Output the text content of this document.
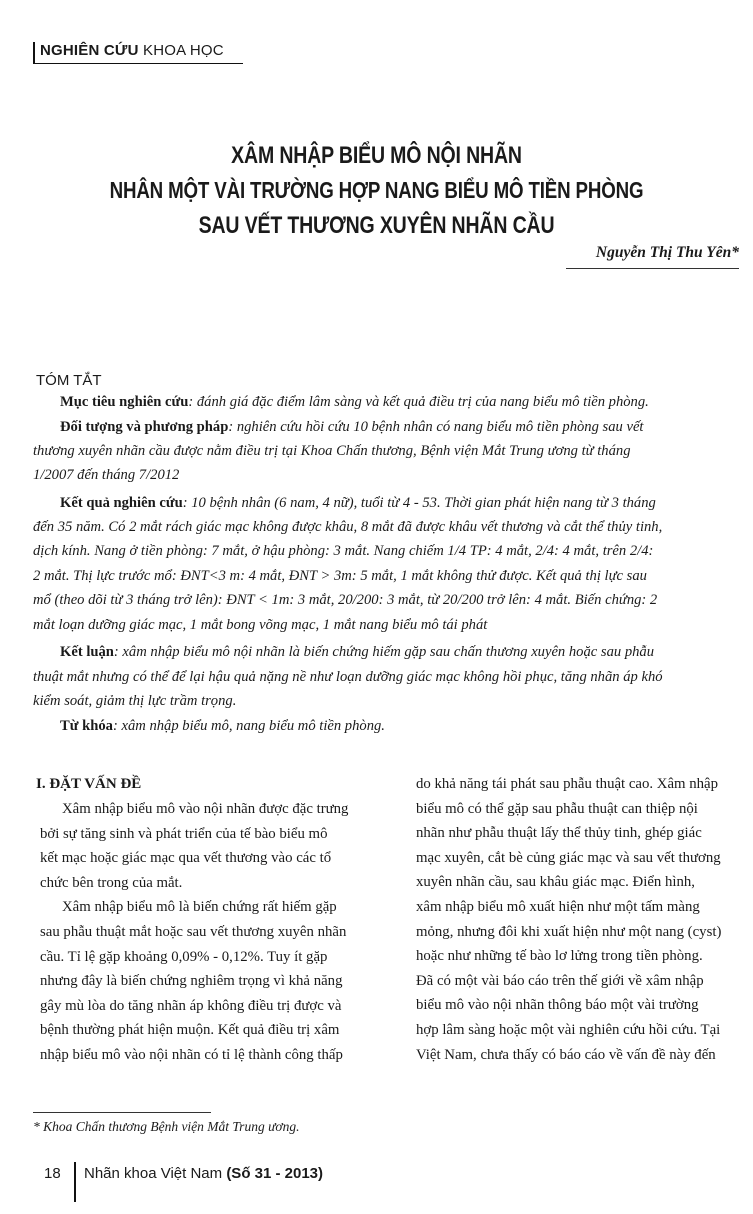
NGHIÊN CỨU KHOA HỌC
XÂM NHẬP BIỂU MÔ NỘI NHÃN
NHÂN MỘT VÀI TRƯỜNG HỢP NANG BIỂU MÔ TIỀN PHÒNG
SAU VẾT THƯƠNG XUYÊN NHÃN CẦU
Nguyễn Thị Thu Yên*
TÓM TẮT
Mục tiêu nghiên cứu: đánh giá đặc điểm lâm sàng và kết quả điều trị của nang biểu mô tiền phòng.
Đối tượng và phương pháp: nghiên cứu hồi cứu 10 bệnh nhân có nang biểu mô tiền phòng sau vết
thương xuyên nhãn cầu được nằm điều trị tại Khoa Chấn thương, Bệnh viện Mắt Trung ương từ tháng
1/2007 đến tháng 7/2012
Kết quả nghiên cứu: 10 bệnh nhân (6 nam, 4 nữ), tuổi từ 4 - 53. Thời gian phát hiện nang từ 3 tháng
đến 35 năm. Có 2 mắt rách giác mạc không được khâu, 8 mắt đã được khâu vết thương và cắt thể thủy tinh,
dịch kính. Nang ở tiền phòng: 7 mắt, ở hậu phòng: 3 mắt. Nang chiếm 1/4 TP: 4 mắt, 2/4: 4 mắt, trên 2/4:
2 mắt. Thị lực trước mổ: ĐNT<3 m: 4 mắt, ĐNT > 3m: 5 mắt, 1 mắt không thử được. Kết quả thị lực sau
mổ (theo dõi từ 3 tháng trở lên): ĐNT < 1m: 3 mắt, 20/200: 3 mắt, từ 20/200 trở lên: 4 mắt. Biến chứng: 2
mắt loạn dưỡng giác mạc, 1 mắt bong võng mạc, 1 mắt nang biểu mô tái phát
Kết luận: xâm nhập biểu mô nội nhãn là biến chứng hiếm gặp sau chấn thương xuyên hoặc sau phẫu
thuật mắt nhưng có thể để lại hậu quả nặng nề như loạn dưỡng giác mạc không hồi phục, tăng nhãn áp khó
kiểm soát, giảm thị lực trầm trọng.
Từ khóa: xâm nhập biểu mô, nang biểu mô tiền phòng.
I. ĐẶT VẤN ĐỀ
Xâm nhập biểu mô vào nội nhãn được đặc trưng
bởi sự tăng sinh và phát triển của tế bào biểu mô
kết mạc hoặc giác mạc qua vết thương vào các tổ
chức bên trong của mắt.
Xâm nhập biểu mô là biến chứng rất hiếm gặp
sau phẫu thuật mắt hoặc sau vết thương xuyên nhãn
cầu. Tỉ lệ gặp khoảng 0,09% - 0,12%. Tuy ít gặp
nhưng đây là biến chứng nghiêm trọng vì khả năng
gây mù lòa do tăng nhãn áp không điều trị được và
bệnh thường phát hiện muộn. Kết quả điều trị xâm
nhập biểu mô vào nội nhãn có tỉ lệ thành công thấp
do khả năng tái phát sau phẫu thuật cao. Xâm nhập
biểu mô có thể gặp sau phẫu thuật can thiệp nội
nhãn như phẫu thuật lấy thể thủy tinh, ghép giác
mạc xuyên, cắt bè củng giác mạc và sau vết thương
xuyên nhãn cầu, sau khâu giác mạc. Điển hình,
xâm nhập biểu mô xuất hiện như một tấm màng
mỏng, nhưng đôi khi xuất hiện như một nang (cyst)
hoặc như những tế bào lơ lửng trong tiền phòng.
Đã có một vài báo cáo trên thế giới về xâm nhập
biểu mô vào nội nhãn thông báo một vài trường
hợp lâm sàng hoặc một vài nghiên cứu hồi cứu. Tại
Việt Nam, chưa thấy có báo cáo về vấn đề này đến
* Khoa Chấn thương Bệnh viện Mắt Trung ương.
18 Nhãn khoa Việt Nam (Số 31 - 2013)
